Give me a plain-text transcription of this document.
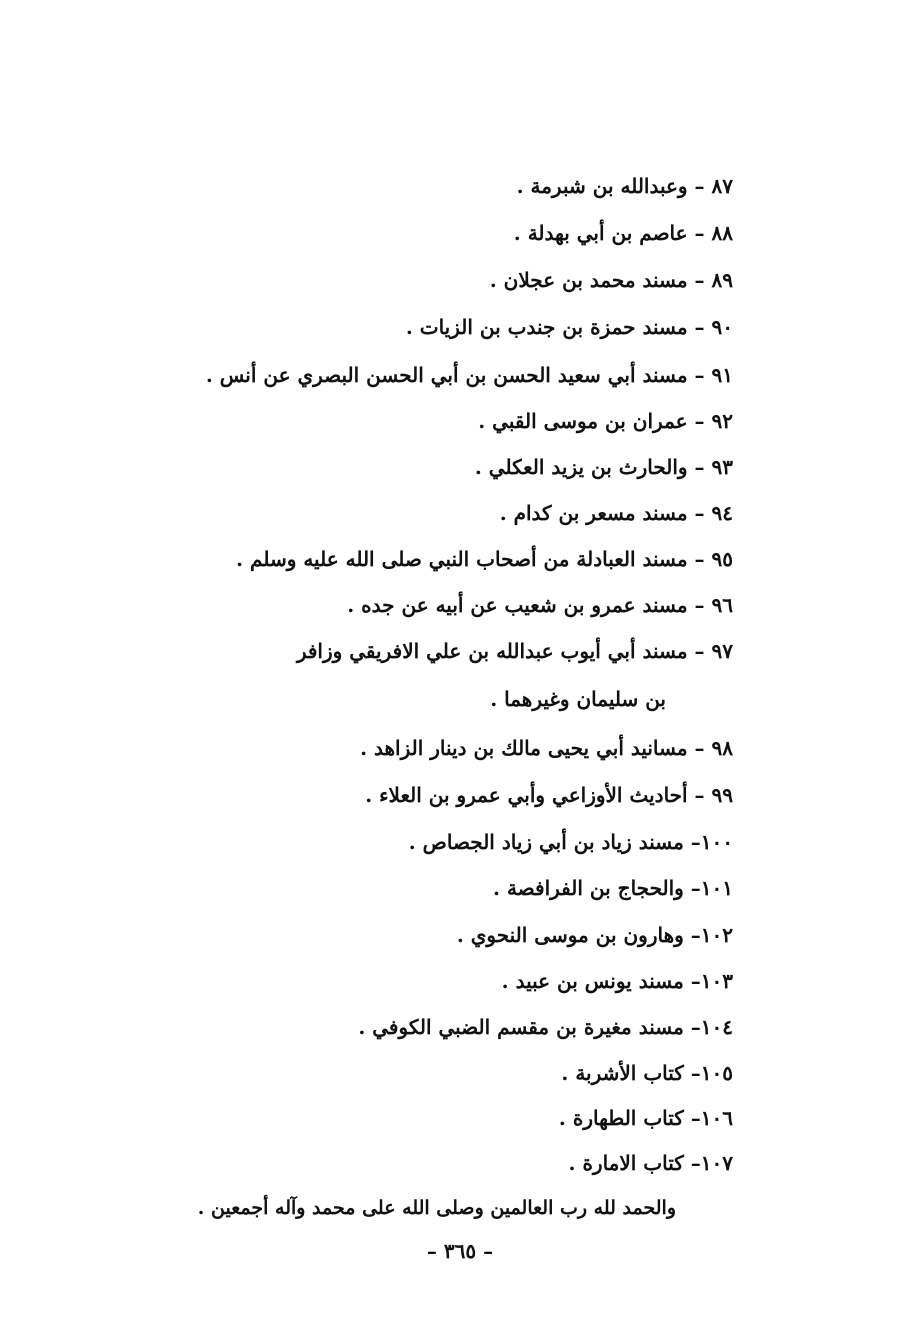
٨٧ – وعبدالله بن شبرمة .
٨٨ – عاصم بن أبي بهدلة .
٨٩ – مسند محمد بن عجلان .
٩٠ – مسند حمزة بن جندب بن الزيات .
٩١ – مسند أبي سعيد الحسن بن أبي الحسن البصري عن أنس .
٩٢ – عمران بن موسى القبي .
٩٣ – والحارث بن يزيد العكلي .
٩٤ – مسند مسعر بن كدام .
٩٥ – مسند العبادلة من أصحاب النبي صلى الله عليه وسلم .
٩٦ – مسند عمرو بن شعيب عن أبيه عن جده .
٩٧ – مسند أبي أيوب عبدالله بن علي الافريقي وزافر
بن سليمان وغيرهما .
٩٨ – مسانيد أبي يحيى مالك بن دينار الزاهد .
٩٩ – أحاديث الأوزاعي وأبي عمرو بن العلاء .
١٠٠– مسند زياد بن أبي زياد الجصاص .
١٠١– والحجاج بن الفرافصة .
١٠٢– وهارون بن موسى النحوي .
١٠٣– مسند يونس بن عبيد .
١٠٤– مسند مغيرة بن مقسم الضبي الكوفي .
١٠٥– كتاب الأشربة .
١٠٦– كتاب الطهارة .
١٠٧– كتاب الامارة .
والحمد لله رب العالمين وصلى الله على محمد وآله أجمعين .
– ٣٦٥ –
